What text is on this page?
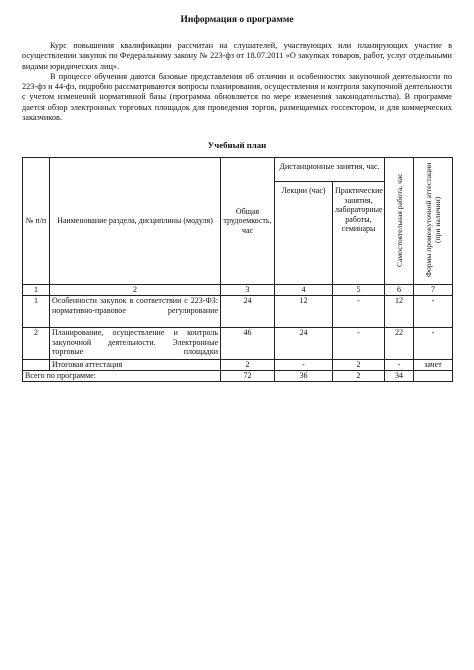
Информация о программе

Курс повышения квалификации рассчитан на слушателей, участвующих или планирующих участие в осуществлении закупок по Федеральному закону № 223-фз от 18.07.2011 «О закупках товаров, работ, услуг отдельными видами юридических лиц».

В процессе обучения даются базовые представления об отличии и особенностях закупочной деятельности по 223-фз и 44-фз, подробно рассматриваются вопросы планирования, осуществления и контроля закупочной деятельности с учетом изменений нормативной базы (программа обновляется по мере изменения законодательства). В программе дается обзор электронных торговых площадок для проведения торгов, размещаемых госсектором, и для коммерческих заказчиков.

Учебный план
№ п/п	Наименование раздела, дисциплины (модуля)	Общая трудоемкость, час	Дистанционные занятия, час.		Самостоятельная работа, час	Формы промежуточной аттестации (при наличии)

			Лекции (час)	Практические занятия, лабораторные работы, семинары		
1	2	3	4	5	6	7
1	Особенности закупок в соответствии с 223-ФЗ: нормативно-правовое регулирование	24	12	-	12	-
2	Планирование, осуществление и контроль закупочной деятельности. Электронные торговые площадки	46	24	-	22	-
	Итоговая аттестация	2	-	2	-	зачет
Всего по программе:		72	36	2	34	
